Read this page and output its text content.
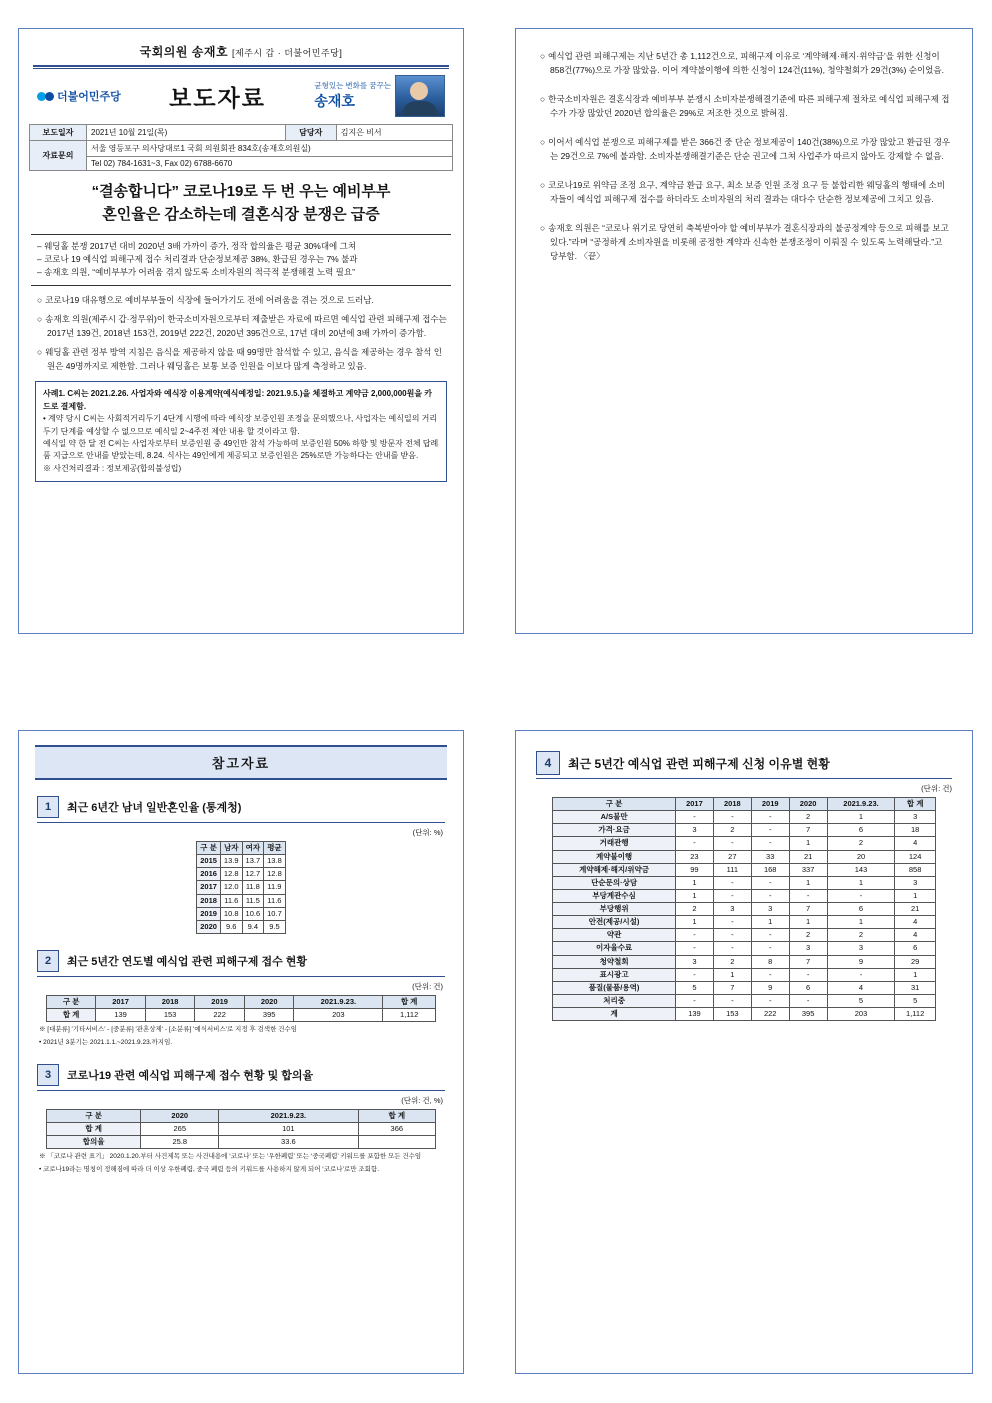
국회의원 송재호 [제주시 갑 · 더불어민주당]
더불어민주당 보도자료	균형있는 변화를 꿈꾸는
송재호
보도일자	2021년 10월 21일(목)	담당자	김지은 비서
자료문의	서울 영등포구 의사당대로1 국회 의원회관 834호(송재호의원실)		
	Tel 02) 784-1631~3, Fax 02) 6788-6670		
“결송합니다” 코로나19로 두 번 우는 예비부부
혼인율은 감소하는데 결혼식장 분쟁은 급증
– 웨딩홀 분쟁 2017년 대비 2020년 3배 가까이 증가, 정작 합의율은 평균 30%대에 그쳐
– 코로나 19 예식업 피해구제 접수 처리결과 단순정보제공 38%, 환급된 경우는 7% 불과
– 송재호 의원, “예비부부가 어려움 겪지 않도록 소비자원의 적극적 분쟁해결 노력 필요”
○ 코로나19 대유행으로 예비부부들이 식장에 들어가기도 전에 어려움을 겪는 것으로 드러남.
○ 송재호 의원(제주시 갑·정무위)이 한국소비자원으로부터 제출받은 자료에 따르면 예식업 관련 피해구제 접수는 2017년 139건, 2018년 153건, 2019년 222건, 2020년 395건으로, 17년 대비 20년에 3배 가까이 증가함.
○ 웨딩홀 관련 정부 방역 지침은 음식을 제공하지 않을 때 99명만 참석할 수 있고, 음식을 제공하는 경우 참석 인원은 49명까지로 제한함. 그러나 웨딩홀은 보통 보증 인원을 이보다 많게 측정하고 있음.
사례1. C씨는 2021.2.26. 사업자와 예식장 이용계약(예식예정일: 2021.9.5.)을 체결하고 계약금 2,000,000원을 카드로 결제함.
• 계약 당시 C씨는 사회적거리두기 4단계 시행에 따라 예식장 보증인원 조정을 문의했으나, 사업자는 예식일의 거리두기 단계를 예상할 수 없으므로 예식일 2~4주전 제안 내용 할 것이라고 함.
예식일 약 한 달 전 C씨는 사업자로부터 보증인원 중 49인만 참석 가능하며 보증인원 50% 하향 및 방문자 전체 답례품 지급으로 안내를 받았는데, 8.24. 식사는 49인에게 제공되고 보증인원은 25%로만 가능하다는 안내를 받음.
※ 사건처리결과 : 정보제공(합의불성립)
○ 예식업 관련 피해구제는 지난 5년간 총 1,112건으로, 피해구제 이유로 ‘계약해제·해지·위약금’을 위한 신청이 858건(77%)으로 가장 많았음. 이어 계약불이행에 의한 신청이 124건(11%), 청약철회가 29건(3%) 순이었음.
○ 한국소비자원은 결혼식장과 예비부부 분쟁시 소비자분쟁해결기준에 따른 피해구제 절차로 예식업 피해구제 접수가 가장 많았던 2020년 합의율은 29%로 저조한 것으로 밝혀짐.
○ 이어서 예식업 분쟁으로 피해구제를 받은 366건 중 단순 정보제공이 140건(38%)으로 가장 많았고 환급된 경우는 29건으로 7%에 불과함. 소비자분쟁해결기준은 단순 권고에 그쳐 사업주가 따르지 않아도 강제할 수 없음.
○ 코로나19로 위약금 조정 요구, 계약금 환급 요구, 최소 보증 인원 조정 요구 등 불합리한 웨딩홀의 행태에 소비자들이 예식업 피해구제 접수를 하더라도 소비자원의 처리 결과는 대다수 단순한 정보제공에 그치고 있음.
○ 송재호 의원은 “코로나 위기로 당연히 축복받아야 할 예비부부가 결혼식장과의 불공정계약 등으로 피해를 보고 있다.”라며 “공정하게 소비자원을 비롯해 공정한 계약과 신속한 분쟁조정이 이뤄질 수 있도록 노력해달라.”고 당부함. 〈끝〉
참고자료
1	최근 6년간 남녀 일반혼인율 (통계청)
(단위: %)
구 분	남자	여자	평균
2015	13.9	13.7	13.8
2016	12.8	12.7	12.8
2017	12.0	11.8	11.9
2018	11.6	11.5	11.6
2019	10.8	10.6	10.7
2020	9.6	9.4	9.5
2	최근 5년간 연도별 예식업 관련 피해구제 접수 현황
(단위: 건)
구 분	2017	2018	2019	2020	2021.9.23.	합 계
합 계	139	153	222	395	203	1,112
※ [대분류] '기타서비스' - [중분류] '관혼상제' - [소분류] '예식서비스'로 지정 후 검색한 건수임
• 2021년 3분기는 2021.1.1.~2021.9.23.까지임.
3	코로나19 관련 예식업 피해구제 접수 현황 및 합의율
(단위: 건, %)
구 분	2020	2021.9.23.	합 계
합 계	265	101	366
합의율	25.8	33.6	
※ 「코로나 관련 표기」 2020.1.20.부터 사건제목 또는 사건내용에 ‘코로나’ 또는 ‘우한폐렴’ 또는 ‘중국폐렴’ 키워드를 포함한 모든 건수임
• 코로나19라는 명칭이 정해짐에 따라 더 이상 우한폐렴, 중국 폐렴 등의 키워드를 사용하지 않게 되어 ‘코로나’로만 조회함.
4	최근 5년간 예식업 관련 피해구제 신청 이유별 현황
(단위: 건)
구 분	2017	2018	2019	2020	2021.9.23.	합 계
A/S불만	-	-	-	2	1	3
가격·요금	3	2	-	7	6	18
거래관행	-	-	-	1	2	4
계약불이행	23	27	33	21	20	124
계약해제·해지/위약금	99	111	168	337	143	858
단순문의·상담	1	-	-	1	1	3
부당계관수심	1	-	-	-	-	1
부당행위	2	3	3	7	6	21
안전(제공/시설)	1	-	1	1	1	4
약관	-	-	-	2	2	4
이자율수료	-	-	-	3	3	6
청약철회	3	2	8	7	9	29
표시광고	-	1	-	-	-	1
품질(물품/용역)	5	7	9	6	4	31
처리중	-	-	-	-	5	5
계	139	153	222	395	203	1,112
